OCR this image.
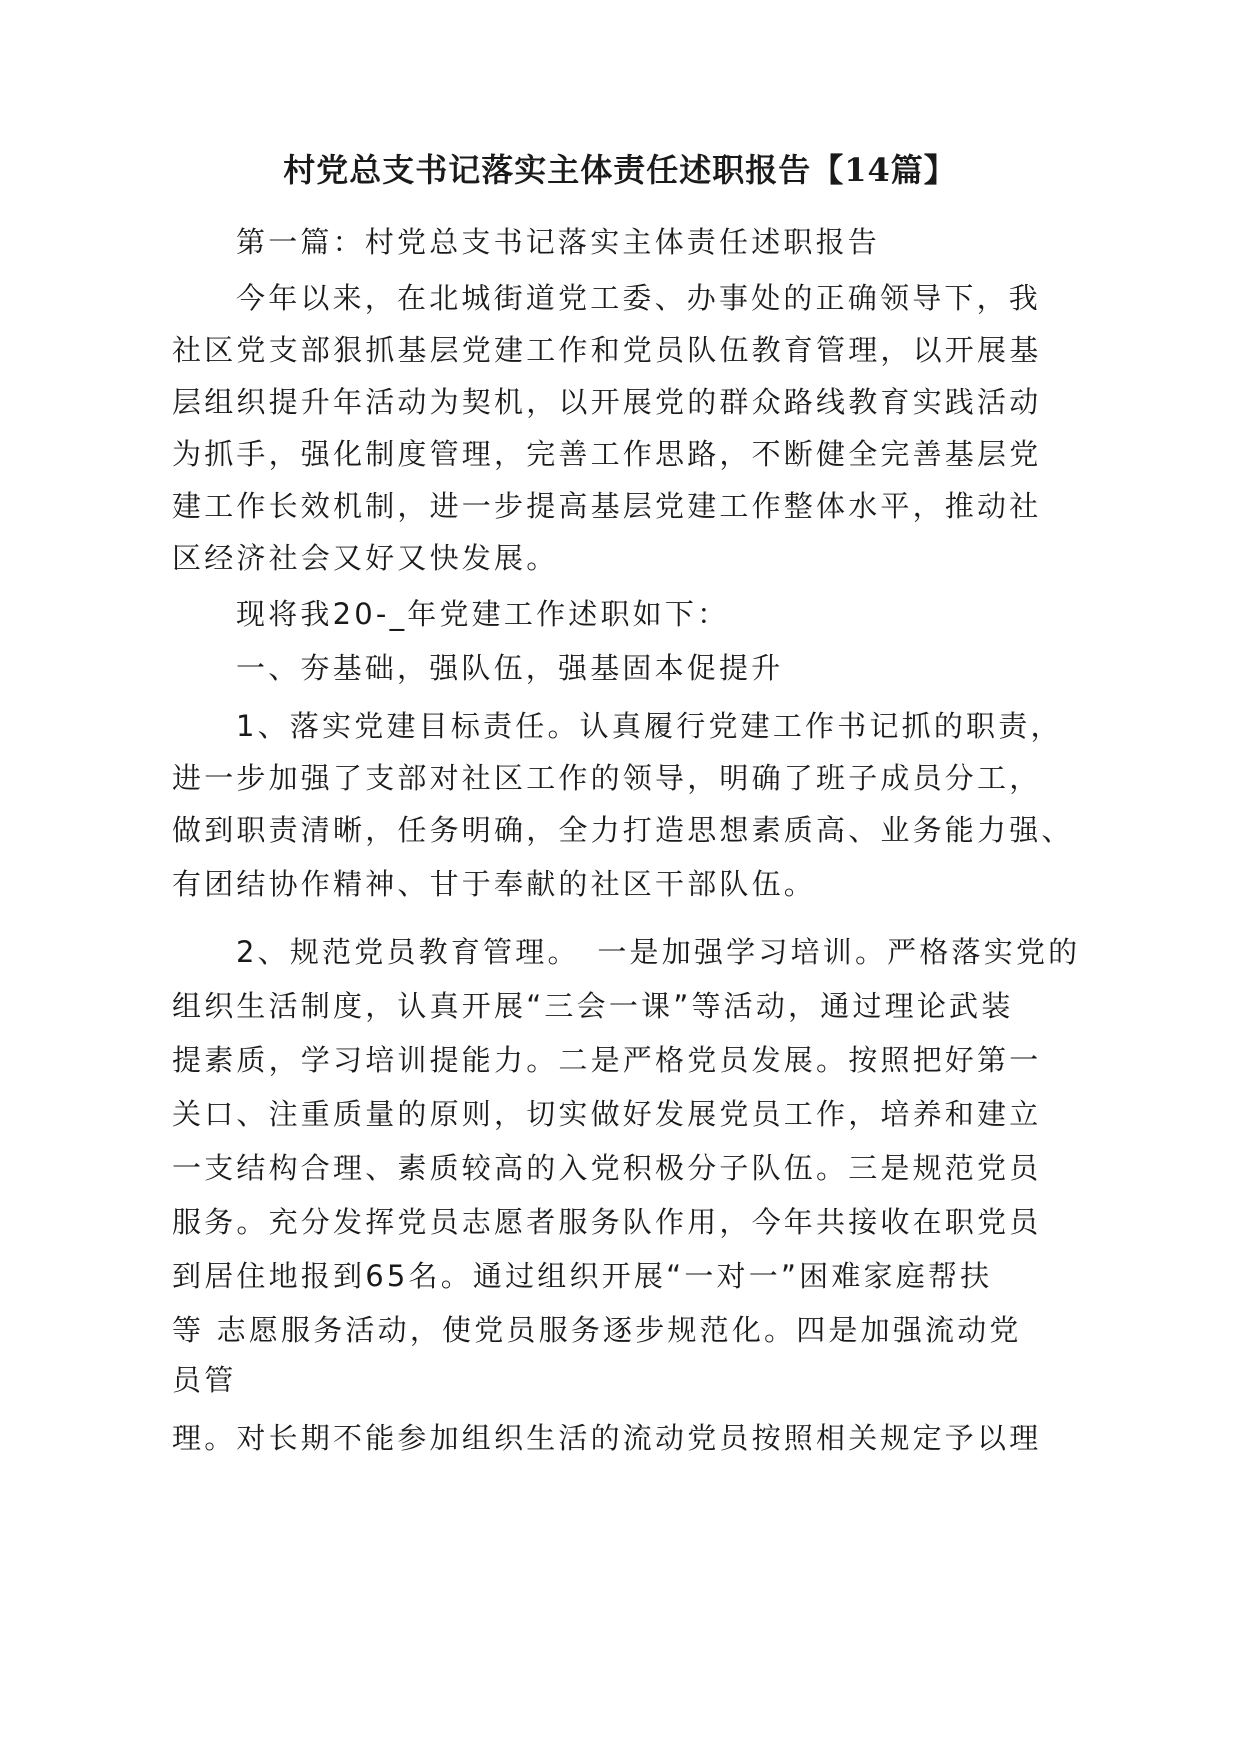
村党总支书记落实主体责任述职报告【14篇】
第一篇：村党总支书记落实主体责任述职报告
今年以来，在北城街道党工委、办事处的正确领导下，我
社区党支部狠抓基层党建工作和党员队伍教育管理，以开展基
层组织提升年活动为契机，以开展党的群众路线教育实践活动
为抓手，强化制度管理，完善工作思路，不断健全完善基层党
建工作长效机制，进一步提高基层党建工作整体水平，推动社
区经济社会又好又快发展。
现将我20-_年党建工作述职如下：
一、夯基础，强队伍，强基固本促提升
1、落实党建目标责任。认真履行党建工作书记抓的职责，
进一步加强了支部对社区工作的领导，明确了班子成员分工，
做到职责清晰，任务明确，全力打造思想素质高、业务能力强、
有团结协作精神、甘于奉献的社区干部队伍。
2、规范党员教育管理。　一是加强学习培训。严格落实党的
组织生活制度，认真开展“三会一课”等活动，通过理论武装
提素质，学习培训提能力。二是严格党员发展。按照把好第一
关口、注重质量的原则，切实做好发展党员工作，培养和建立
一支结构合理、素质较高的入党积极分子队伍。三是规范党员
服务。充分发挥党员志愿者服务队作用，今年共接收在职党员
到居住地报到65名。通过组织开展“一对一”困难家庭帮扶
等 志愿服务活动，使党员服务逐步规范化。四是加强流动党
员管
理。对长期不能参加组织生活的流动党员按照相关规定予以理
